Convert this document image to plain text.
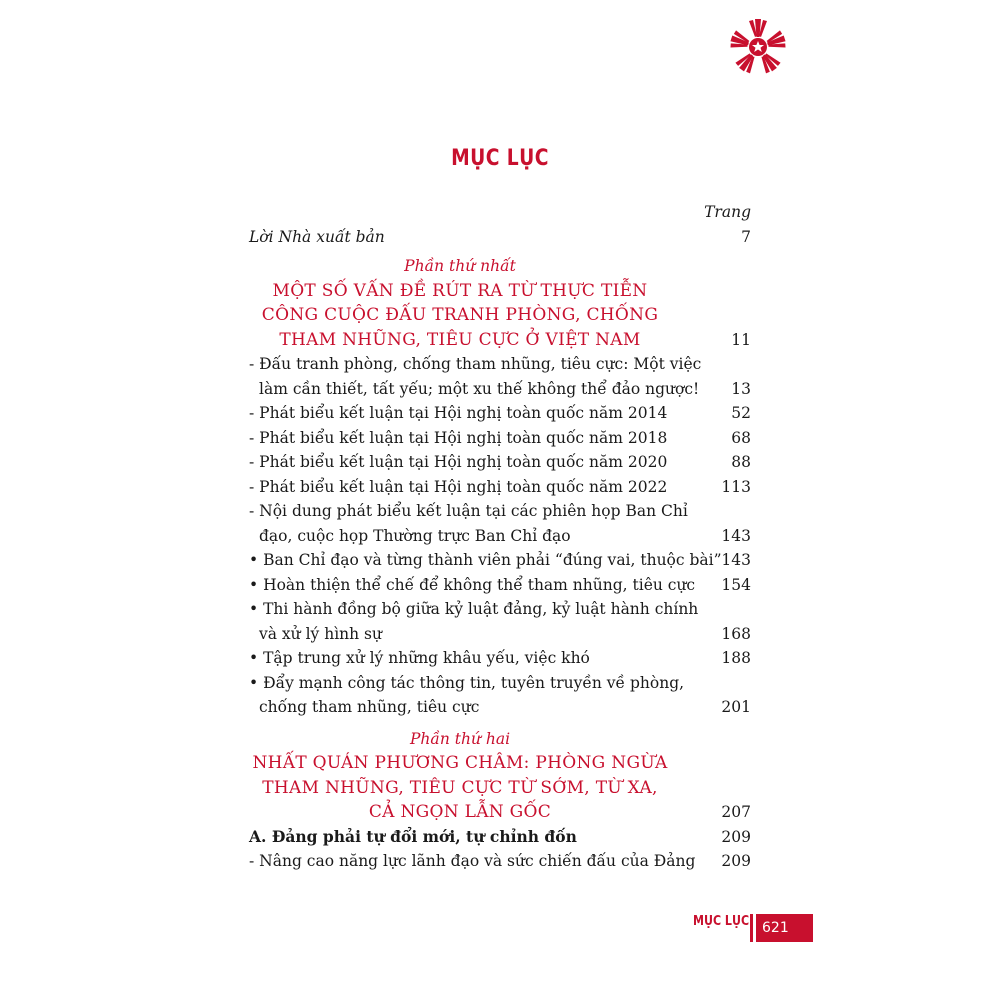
MỤC LỤC
Trang
Lời Nhà xuất bản	7
Phần thứ nhất
MỘT SỐ VẤN ĐỀ RÚT RA TỪ THỰC TIỄN
CÔNG CUỘC ĐẤU TRANH PHÒNG, CHỐNG
THAM NHŨNG, TIÊU CỰC Ở VIỆT NAM	11
- Đấu tranh phòng, chống tham nhũng, tiêu cực: Một việc
làm cần thiết, tất yếu; một xu thế không thể đảo ngược! 13
- Phát biểu kết luận tại Hội nghị toàn quốc năm 2014	52
- Phát biểu kết luận tại Hội nghị toàn quốc năm 2018	68
- Phát biểu kết luận tại Hội nghị toàn quốc năm 2020	88
- Phát biểu kết luận tại Hội nghị toàn quốc năm 2022	113
- Nội dung phát biểu kết luận tại các phiên họp Ban Chỉ
đạo, cuộc họp Thường trực Ban Chỉ đạo	143
• Ban Chỉ đạo và từng thành viên phải “đúng vai, thuộc bài” 143
• Hoàn thiện thể chế để không thể tham nhũng, tiêu cực 154
• Thi hành đồng bộ giữa kỷ luật đảng, kỷ luật hành chính
và xử lý hình sự	168
• Tập trung xử lý những khâu yếu, việc khó	188
• Đẩy mạnh công tác thông tin, tuyên truyền về phòng,
chống tham nhũng, tiêu cực	201
Phần thứ hai
NHẤT QUÁN PHƯƠNG CHÂM: PHÒNG NGỪA
THAM NHŨNG, TIÊU CỰC TỪ SỚM, TỪ XA,
CẢ NGỌN LẪN GỐC	207
A. Đảng phải tự đổi mới, tự chỉnh đốn	209
- Nâng cao năng lực lãnh đạo và sức chiến đấu của Đảng 209
MỤC LỤC 621
